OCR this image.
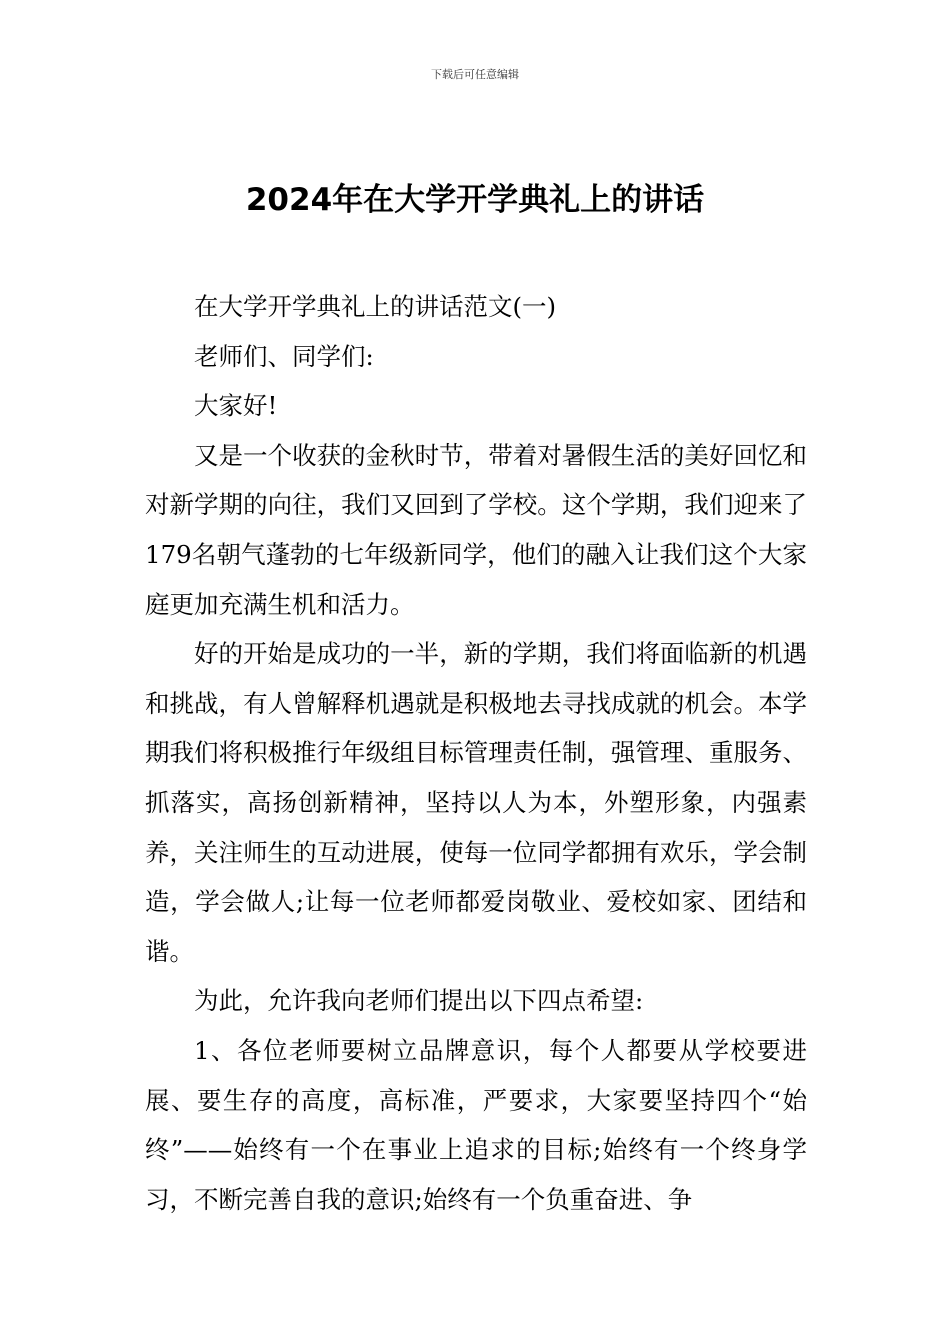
下载后可任意编辑
2024年在大学开学典礼上的讲话

在大学开学典礼上的讲话范文(一)

老师们、同学们:

大家好!

又是一个收获的金秋时节，带着对暑假生活的美好回忆和对新学期的向往，我们又回到了学校。这个学期，我们迎来了179名朝气蓬勃的七年级新同学，他们的融入让我们这个大家庭更加充满生机和活力。

好的开始是成功的一半，新的学期，我们将面临新的机遇和挑战，有人曾解释机遇就是积极地去寻找成就的机会。本学期我们将积极推行年级组目标管理责任制，强管理、重服务、抓落实，高扬创新精神，坚持以人为本，外塑形象，内强素养，关注师生的互动进展，使每一位同学都拥有欢乐，学会制造，学会做人;让每一位老师都爱岗敬业、爱校如家、团结和谐。

为此，允许我向老师们提出以下四点希望:

1、各位老师要树立品牌意识，每个人都要从学校要进展、要生存的高度，高标准，严要求，大家要坚持四个“始终”——始终有一个在事业上追求的目标;始终有一个终身学习，不断完善自我的意识;始终有一个负重奋进、争
